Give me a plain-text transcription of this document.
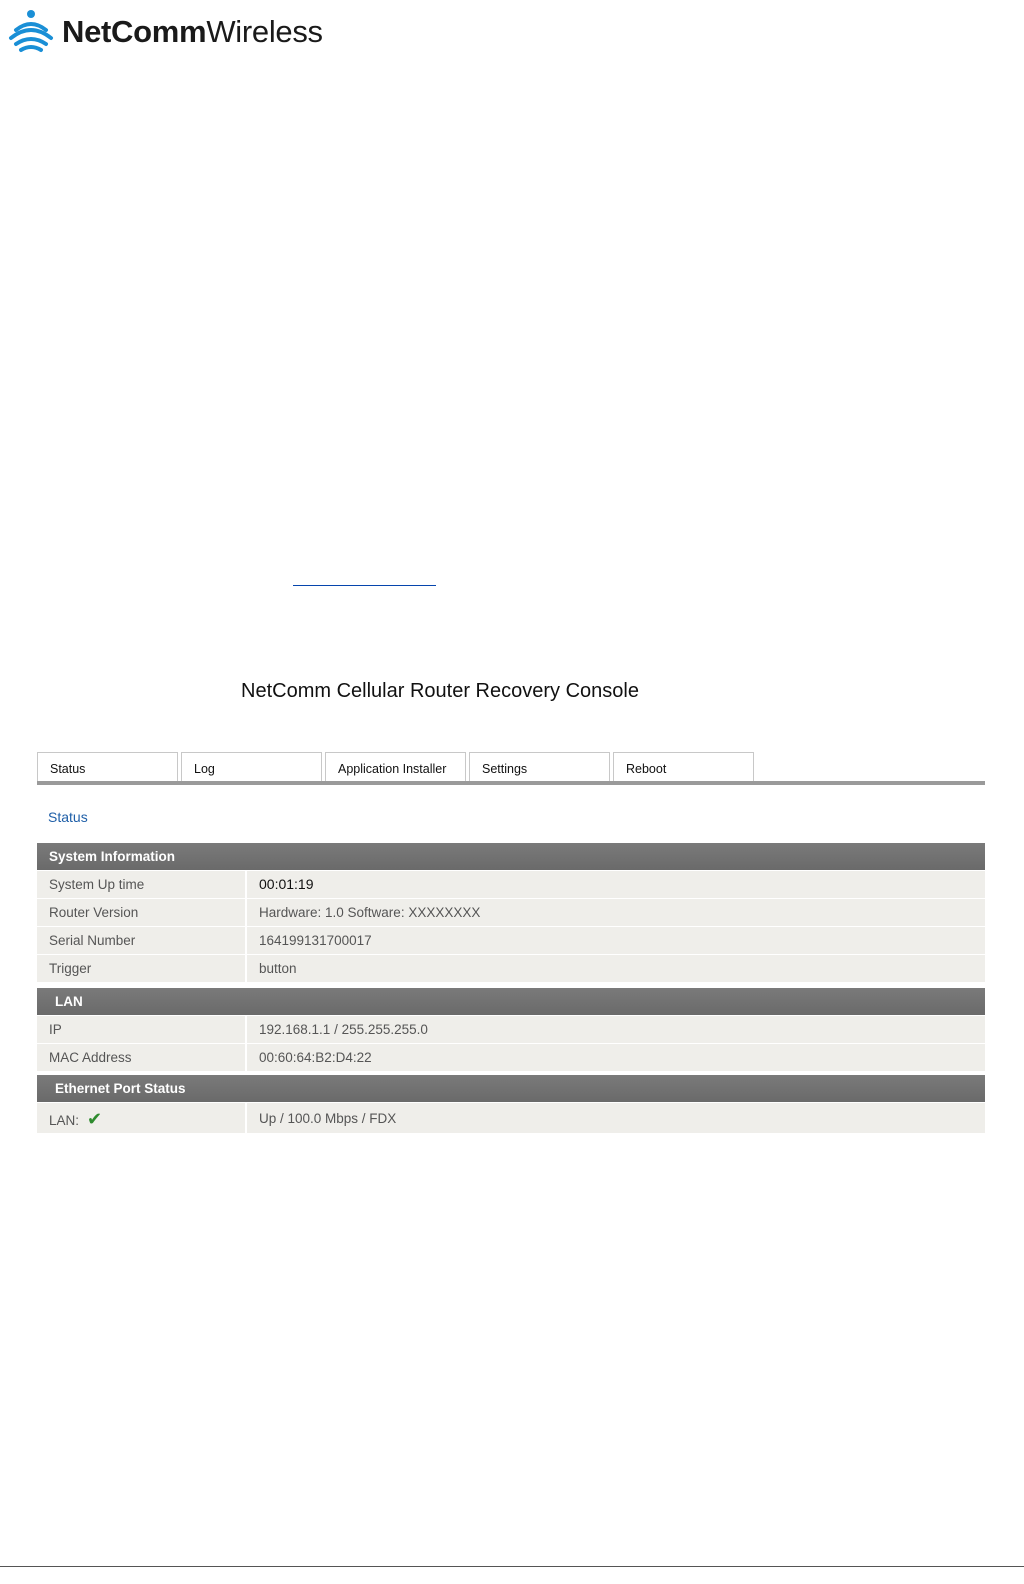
NetCommWireless
NetComm Cellular Router Recovery Console
Status	Log	Application Installer	Settings	Reboot
Status
System Information
System Up time	00:01:19
Router Version	Hardware: 1.0 Software: XXXXXXXX
Serial Number	164199131700017
Trigger	button
LAN
IP	192.168.1.1 / 255.255.255.0
MAC Address	00:60:64:B2:D4:22
Ethernet Port Status
LAN: ✔	Up / 100.0 Mbps / FDX
